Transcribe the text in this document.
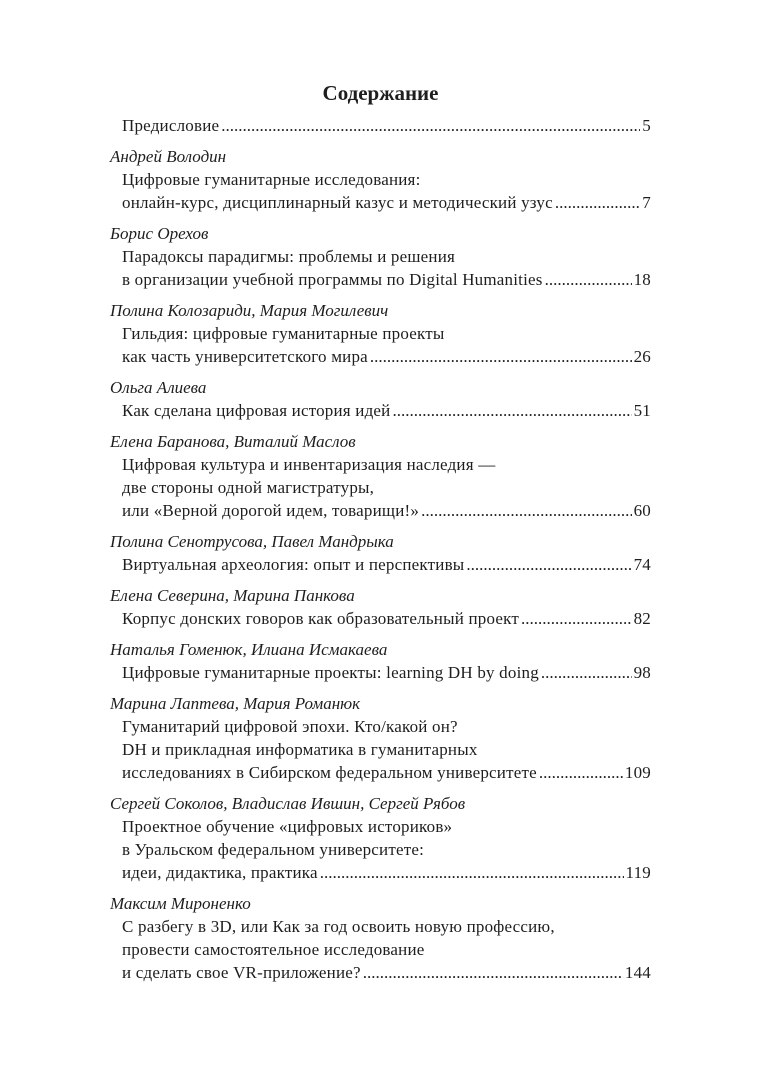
Содержание
Предисловие .....	5
Андрей Володин
Цифровые гуманитарные исследования:
онлайн-курс, дисциплинарный казус и методический узус .....	7
Борис Орехов
Парадоксы парадигмы: проблемы и решения
в организации учебной программы по Digital Humanities .....	18
Полина Колозариди, Мария Могилевич
Гильдия: цифровые гуманитарные проекты
как часть университетского мира .....	26
Ольга Алиева
Как сделана цифровая история идей .....	51
Елена Баранова, Виталий Маслов
Цифровая культура и инвентаризация наследия —
две стороны одной магистратуры,
или «Верной дорогой идем, товарищи!» .....	60
Полина Сенотрусова, Павел Мандрыка
Виртуальная археология: опыт и перспективы .....	74
Елена Северина, Марина Панкова
Корпус донских говоров как образовательный проект .....	82
Наталья Гоменюк, Илиана Исмакаева
Цифровые гуманитарные проекты: learning DH by doing .....	98
Марина Лаптева, Мария Романюк
Гуманитарий цифровой эпохи. Кто/какой он?
DH и прикладная информатика в гуманитарных
исследованиях в Сибирском федеральном университете .....	109
Сергей Соколов, Владислав Ившин, Сергей Рябов
Проектное обучение «цифровых историков»
в Уральском федеральном университете:
идеи, дидактика, практика .....	119
Максим Мироненко
С разбегу в 3D, или Как за год освоить новую профессию,
провести самостоятельное исследование
и сделать свое VR-приложение? .....	144
